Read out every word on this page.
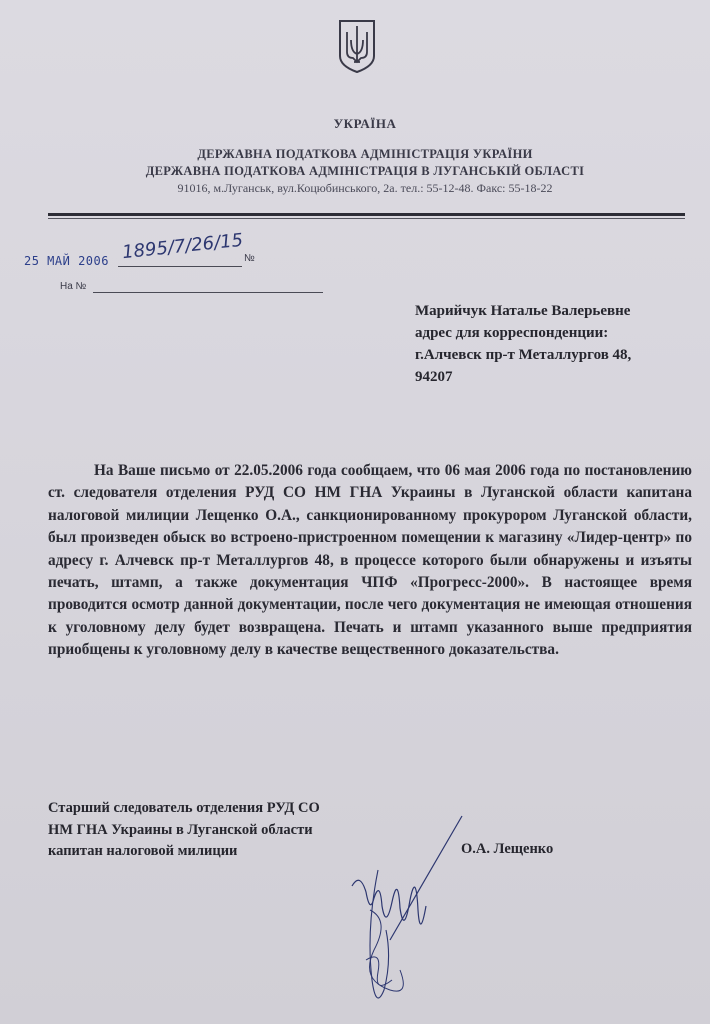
УКРАЇНА
ДЕРЖАВНА ПОДАТКОВА АДМІНІСТРАЦІЯ УКРАЇНИ
ДЕРЖАВНА ПОДАТКОВА АДМІНІСТРАЦІЯ В ЛУГАНСЬКІЙ ОБЛАСТІ
91016, м.Луганськ, вул.Коцюбинського, 2а. тел.: 55-12-48. Факс: 55-18-22
25 МАЙ 2006 1895/7/26/15 №
На №
Марийчук Наталье Валерьевне
адрес для корреспонденции:
г.Алчевск пр-т Металлургов 48,
94207
На Ваше письмо от 22.05.2006 года сообщаем, что 06 мая 2006 года по постановлению ст. следователя отделения РУД СО НМ ГНА Украины в Луганской области капитана налоговой милиции Лещенко О.А., санкционированному прокурором Луганской области, был произведен обыск во встроено-пристроенном помещении к магазину «Лидер-центр» по адресу г. Алчевск пр-т Металлургов 48, в процессе которого были обнаружены и изъяты печать, штамп, а также документация ЧПФ «Прогресс-2000». В настоящее время проводится осмотр данной документации, после чего документация не имеющая отношения к уголовному делу будет возвращена. Печать и штамп указанного выше предприятия приобщены к уголовному делу в качестве вещественного доказательства.
Старший следователь отделения РУД СО
НМ ГНА Украины в Луганской области
капитан налоговой милиции	О.А. Лещенко
